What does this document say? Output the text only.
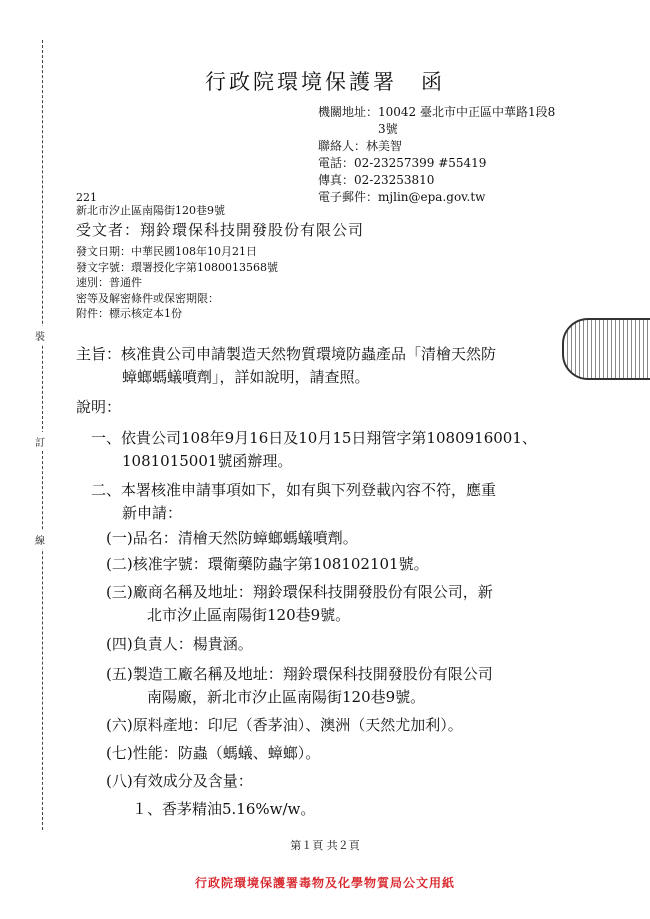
裝
訂
線
行政院環境保護署　函
機關地址：10042 臺北市中正區中華路1段8
3號
聯絡人：林美智
電話：02-23257399 #55419
傳真：02-23253810
電子郵件：mjlin@epa.gov.tw
221
新北市汐止區南陽街120巷9號
受文者：翔鈴環保科技開發股份有限公司
發文日期：中華民國108年10月21日
發文字號：環署授化字第1080013568號
速別：普通件
密等及解密條件或保密期限：
附件：標示核定本1份
主旨：核准貴公司申請製造天然物質環境防蟲產品「清檜天然防
蟑螂螞蟻噴劑」，詳如說明，請查照。
說明：
一、依貴公司108年9月16日及10月15日翔管字第1080916001、
1081015001號函辦理。
二、本署核准申請事項如下，如有與下列登載內容不符，應重
新申請：
(一)品名：清檜天然防蟑螂螞蟻噴劑。
(二)核准字號：環衛藥防蟲字第108102101號。
(三)廠商名稱及地址：翔鈴環保科技開發股份有限公司，新
北市汐止區南陽街120巷9號。
(四)負責人：楊貴涵。
(五)製造工廠名稱及地址：翔鈴環保科技開發股份有限公司
南陽廠，新北市汐止區南陽街120巷9號。
(六)原料產地：印尼（香茅油）、澳洲（天然尤加利）。
(七)性能：防蟲（螞蟻、蟑螂）。
(八)有效成分及含量：
１、香茅精油5.16%w/w。
第１頁 共２頁
行政院環境保護署毒物及化學物質局公文用紙
